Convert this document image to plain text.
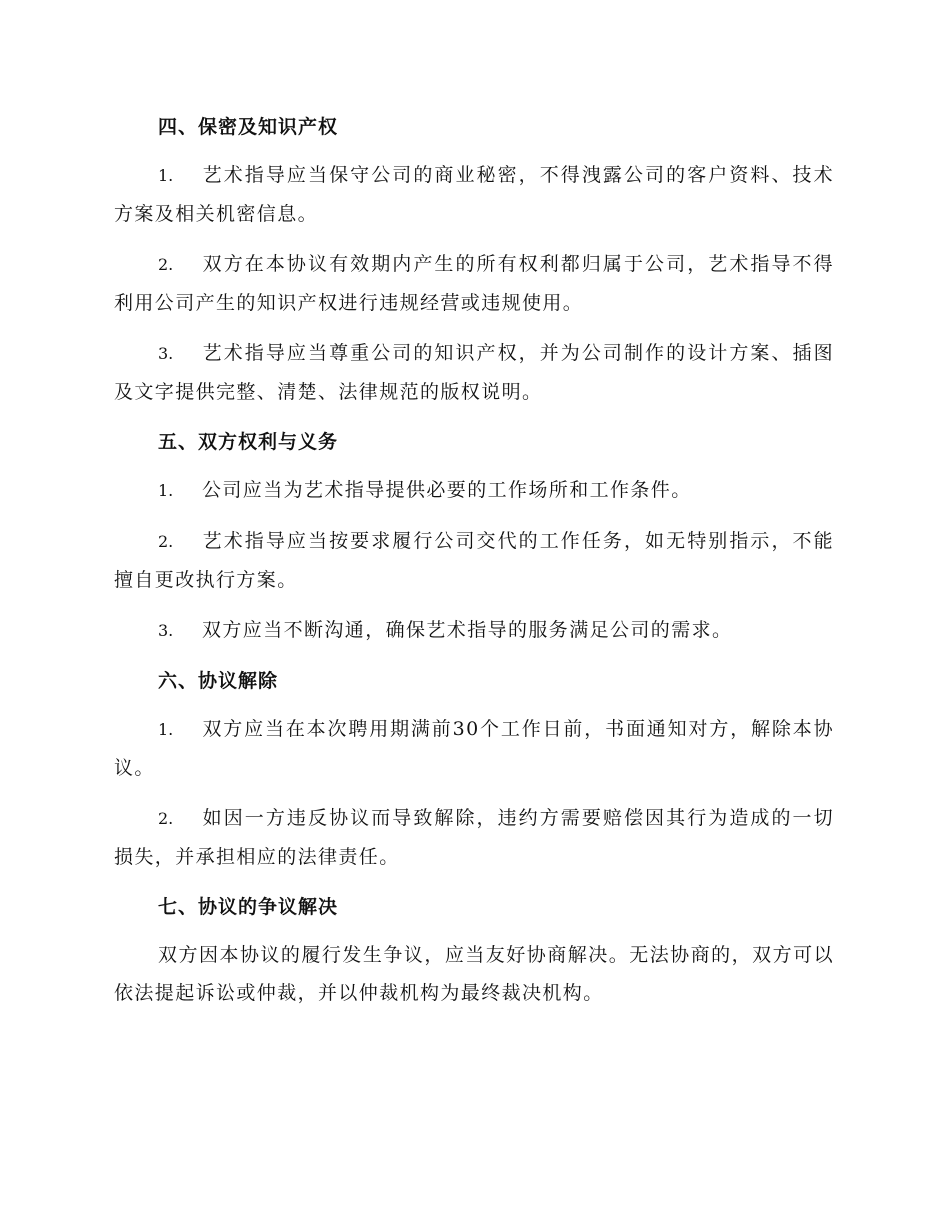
四、保密及知识产权
1. 艺术指导应当保守公司的商业秘密，不得洩露公司的客户资料、技术方案及相关机密信息。
2. 双方在本协议有效期内产生的所有权利都归属于公司，艺术指导不得利用公司产生的知识产权进行违规经营或违规使用。
3. 艺术指导应当尊重公司的知识产权，并为公司制作的设计方案、插图及文字提供完整、清楚、法律规范的版权说明。
五、双方权利与义务
1. 公司应当为艺术指导提供必要的工作场所和工作条件。
2. 艺术指导应当按要求履行公司交代的工作任务，如无特别指示，不能擅自更改执行方案。
3. 双方应当不断沟通，确保艺术指导的服务满足公司的需求。
六、协议解除
1. 双方应当在本次聘用期满前30个工作日前，书面通知对方，解除本协议。
2. 如因一方违反协议而导致解除，违约方需要赔偿因其行为造成的一切损失，并承担相应的法律责任。
七、协议的争议解决

双方因本协议的履行发生争议，应当友好协商解决。无法协商的，双方可以依法提起诉讼或仲裁，并以仲裁机构为最终裁决机构。
